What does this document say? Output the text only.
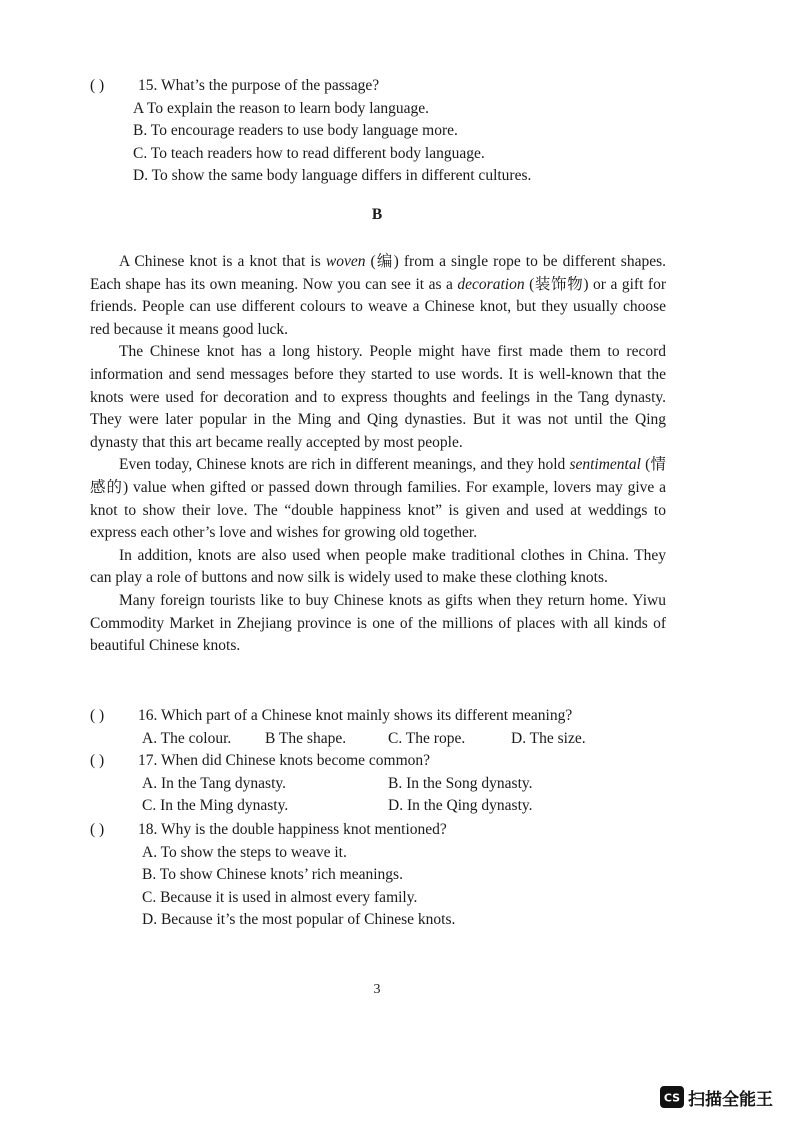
( ) 15. What’s the purpose of the passage?
A To explain the reason to learn body language.
B. To encourage readers to use body language more.
C. To teach readers how to read different body language.
D. To show the same body language differs in different cultures.
B

A Chinese knot is a knot that is woven (编) from a single rope to be different shapes. Each shape has its own meaning. Now you can see it as a decoration (装饰物) or a gift for friends. People can use different colours to weave a Chinese knot, but they usually choose red because it means good luck.

The Chinese knot has a long history. People might have first made them to record information and send messages before they started to use words. It is well-known that the knots were used for decoration and to express thoughts and feelings in the Tang dynasty. They were later popular in the Ming and Qing dynasties. But it was not until the Qing dynasty that this art became really accepted by most people.

Even today, Chinese knots are rich in different meanings, and they hold sentimental (情感的) value when gifted or passed down through families. For example, lovers may give a knot to show their love. The “double happiness knot” is given and used at weddings to express each other’s love and wishes for growing old together.

In addition, knots are also used when people make traditional clothes in China. They can play a role of buttons and now silk is widely used to make these clothing knots.

Many foreign tourists like to buy Chinese knots as gifts when they return home. Yiwu Commodity Market in Zhejiang province is one of the millions of places with all kinds of beautiful Chinese knots.

( ) 16. Which part of a Chinese knot mainly shows its different meaning?
A. The colour.	B The shape.	C. The rope.	D. The size.
( ) 17. When did Chinese knots become common?
A. In the Tang dynasty.	B. In the Song dynasty.
C. In the Ming dynasty.	D. In the Qing dynasty.
( ) 18. Why is the double happiness knot mentioned?
A. To show the steps to weave it.
B. To show Chinese knots’ rich meanings.
C. Because it is used in almost every family.
D. Because it’s the most popular of Chinese knots.
3
CS 扫描全能王
